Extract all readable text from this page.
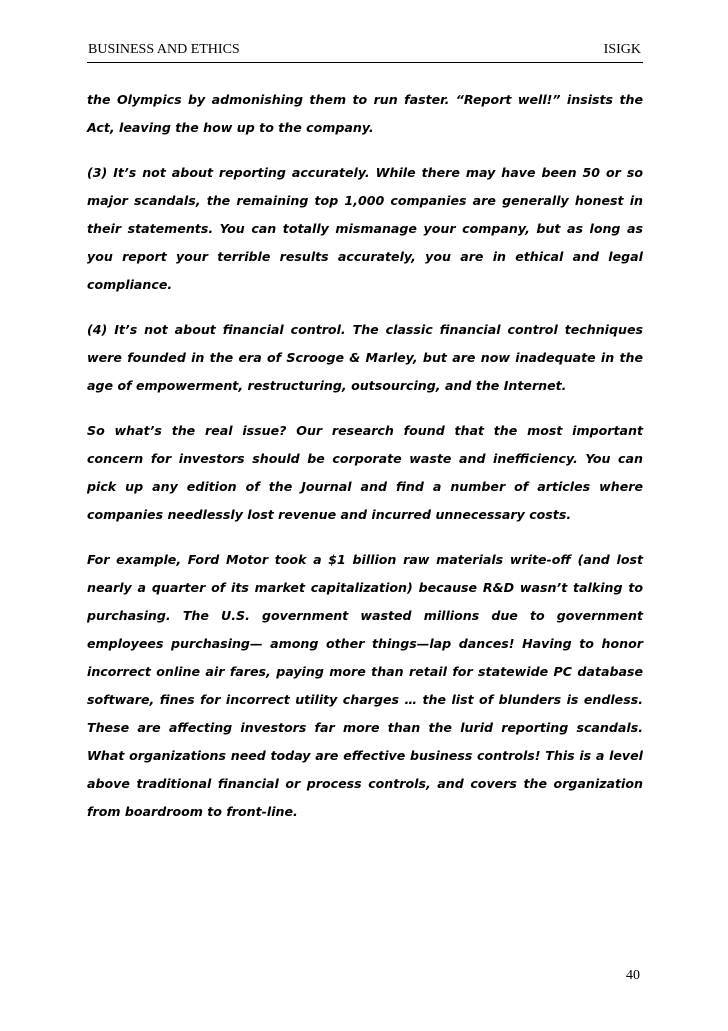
BUSINESS AND ETHICS	ISIGK

the Olympics by admonishing them to run faster. “Report well!” insists the Act, leaving the how up to the company.

(3) It’s not about reporting accurately. While there may have been 50 or so major scandals, the remaining top 1,000 companies are generally honest in their statements. You can totally mismanage your company, but as long as you report your terrible results accurately, you are in ethical and legal compliance.

(4) It’s not about financial control. The classic financial control techniques were founded in the era of Scrooge & Marley, but are now inadequate in the age of empowerment, restructuring, outsourcing, and the Internet.

So what’s the real issue? Our research found that the most important concern for investors should be corporate waste and inefficiency. You can pick up any edition of the Journal and find a number of articles where companies needlessly lost revenue and incurred unnecessary costs.

For example, Ford Motor took a $1 billion raw materials write-off (and lost nearly a quarter of its market capitalization) because R&D wasn’t talking to purchasing. The U.S. government wasted millions due to government employees purchasing— among other things—lap dances! Having to honor incorrect online air fares, paying more than retail for statewide PC database software, fines for incorrect utility charges … the list of blunders is endless. These are affecting investors far more than the lurid reporting scandals. What organizations need today are effective business controls! This is a level above traditional financial or process controls, and covers the organization from boardroom to front-line.

40
